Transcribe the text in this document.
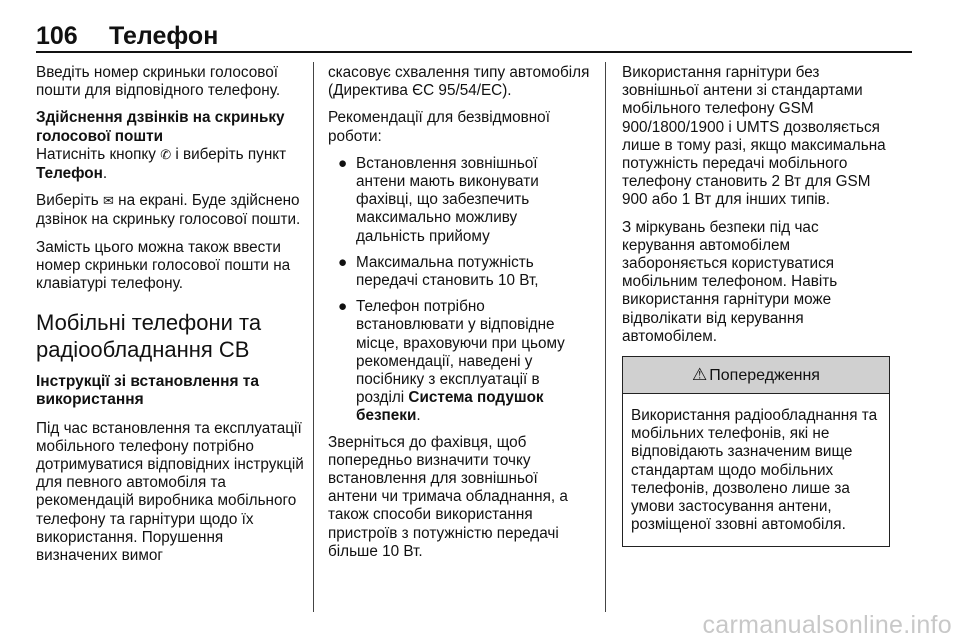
106 Телефон

Введіть номер скриньки голосової пошти для відповідного телефону.

Здійснення дзвінків на скриньку голосової пошти

Натисніть кнопку ✆ і виберіть пункт Телефон.

Виберіть ✉ на екрані. Буде здійснено дзвінок на скриньку голосової пошти.

Замість цього можна також ввести номер скриньки голосової пошти на клавіатурі телефону.

Мобільні телефони та радіообладнання CB
Інструкції зі встановлення та використання

Під час встановлення та експлуатації мобільного телефону потрібно дотримуватися відповідних інструкцій для певного автомобіля та рекомендацій виробника мобільного телефону та гарнітури щодо їх використання. Порушення визначених вимог

скасовує схвалення типу автомобіля (Директива ЄС 95/54/ЕС).

Рекомендації для безвідмовної роботи:

● Встановлення зовнішньої антени мають виконувати фахівці, що забезпечить максимально можливу дальність прийому
● Максимальна потужність передачі становить 10 Вт,
● Телефон потрібно встановлювати у відповідне місце, враховуючи при цьому рекомендації, наведені у посібнику з експлуатації в розділі Система подушок безпеки.

Зверніться до фахівця, щоб попередньо визначити точку встановлення для зовнішньої антени чи тримача обладнання, а також способи використання пристроїв з потужністю передачі більше 10 Вт.

Використання гарнітури без зовнішньої антени зі стандартами мобільного телефону GSM 900/1800/1900 і UMTS дозволяється лише в тому разі, якщо максимальна потужність передачі мобільного телефону становить 2 Вт для GSM 900 або 1 Вт для інших типів.

З міркувань безпеки під час керування автомобілем забороняється користуватися мобільним телефоном. Навіть використання гарнітури може відволікати від керування автомобілем.

⚠ Попередження
Використання радіообладнання та мобільних телефонів, які не відповідають зазначеним вище стандартам щодо мобільних телефонів, дозволено лише за умови застосування антени, розміщеної ззовні автомобіля.
carmanualsonline.info
